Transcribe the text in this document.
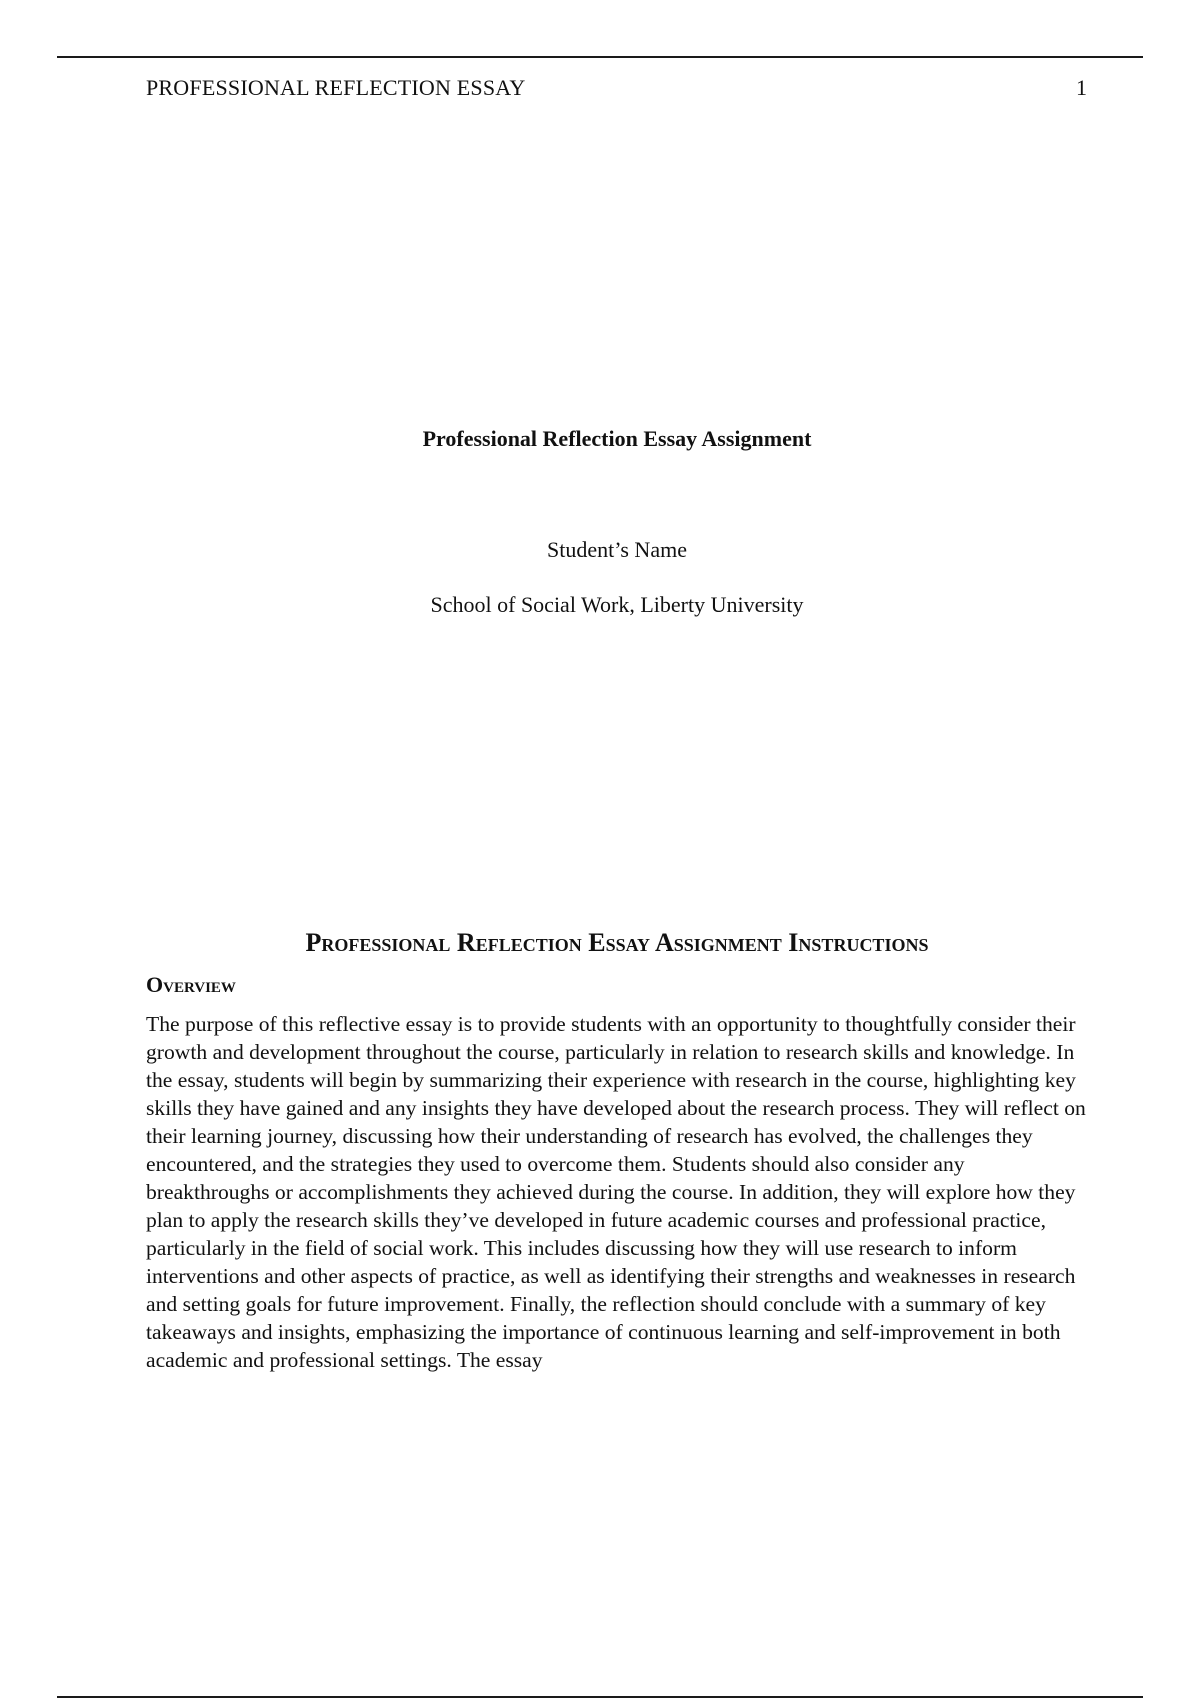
PROFESSIONAL REFLECTION ESSAY	1
Professional Reflection Essay Assignment
Student’s Name
School of Social Work, Liberty University
Professional Reflection Essay Assignment Instructions
Overview
The purpose of this reflective essay is to provide students with an opportunity to thoughtfully consider their growth and development throughout the course, particularly in relation to research skills and knowledge. In the essay, students will begin by summarizing their experience with research in the course, highlighting key skills they have gained and any insights they have developed about the research process. They will reflect on their learning journey, discussing how their understanding of research has evolved, the challenges they encountered, and the strategies they used to overcome them. Students should also consider any breakthroughs or accomplishments they achieved during the course. In addition, they will explore how they plan to apply the research skills they’ve developed in future academic courses and professional practice, particularly in the field of social work. This includes discussing how they will use research to inform interventions and other aspects of practice, as well as identifying their strengths and weaknesses in research and setting goals for future improvement. Finally, the reflection should conclude with a summary of key takeaways and insights, emphasizing the importance of continuous learning and self-improvement in both academic and professional settings. The essay
